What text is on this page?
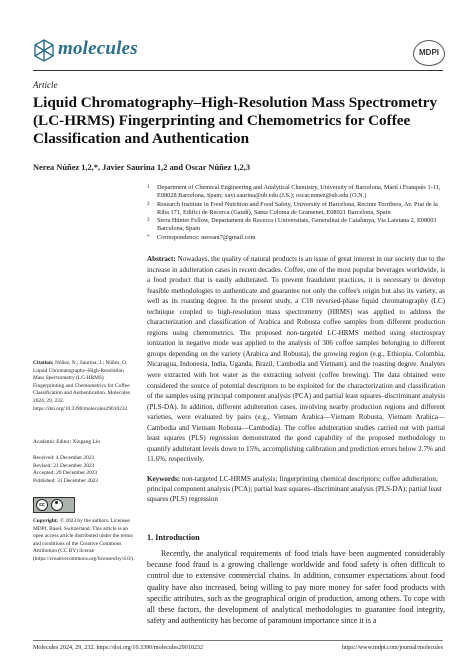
molecules	MDPI
Article
Liquid Chromatography–High-Resolution Mass Spectrometry (LC-HRMS) Fingerprinting and Chemometrics for Coffee Classification and Authentication
Nerea Núñez 1,2,*, Javier Saurina 1,2 and Oscar Núñez 1,2,3
1 Department of Chemical Engineering and Analytical Chemistry, University of Barcelona, Martí i Franquès 1-11, E08028 Barcelona, Spain; xavi.saurina@ub.edu (J.S.); oscar.nunez@ub.edu (O.N.)
2 Research Institute in Food Nutrition and Food Safety, University of Barcelona, Recinte Torribera, Av. Prat de la Riba 171, Edifici de Recerca (Gaudí), Santa Coloma de Gramenet, E08921 Barcelona, Spain
3 Serra Húnter Fellow, Departament de Recerca i Universitats, Generalitat de Catalunya, Via Laietana 2, E08003 Barcelona, Spain
* Correspondence: nereant7@gmail.com
Abstract: Nowadays, the quality of natural products is an issue of great interest in our society due to the increase in adulteration cases in recent decades. Coffee, one of the most popular beverages worldwide, is a food product that is easily adulterated. To prevent fraudulent practices, it is necessary to develop feasible methodologies to authenticate and guarantee not only the coffee's origin but also its variety, as well as its roasting degree. In the present study, a C18 reversed-phase liquid chromatography (LC) technique coupled to high-resolution mass spectrometry (HRMS) was applied to address the characterization and classification of Arabica and Robusta coffee samples from different production regions using chemometrics. The proposed non-targeted LC-HRMS method using electrospray ionization in negative mode was applied to the analysis of 306 coffee samples belonging to different groups depending on the variety (Arabica and Robusta), the growing region (e.g., Ethiopia, Colombia, Nicaragua, Indonesia, India, Uganda, Brazil, Cambodia and Vietnam), and the roasting degree. Analytes were extracted with hot water as the extracting solvent (coffee brewing). The data obtained were considered the source of potential descriptors to be exploited for the characterization and classification of the samples using principal component analysis (PCA) and partial least squares–discriminant analysis (PLS-DA). In addition, different adulteration cases, involving nearby production regions and different varieties, were evaluated by pairs (e.g., Vietnam Arabica—Vietnam Robusta, Vietnam Arabica—Cambodia and Vietnam Robusta—Cambodia). The coffee adulteration studies carried out with partial least squares (PLS) regression demonstrated the good capability of the proposed methodology to quantify adulterant levels down to 15%, accomplishing calibration and prediction errors below 2.7% and 11.6%, respectively.
Keywords: non-targeted LC-HRMS analysis; fingerprinting chemical descriptors; coffee adulteration; principal component analysis (PCA); partial least squares–discriminant analysis (PLS-DA); partial least squares (PLS) regression
Citation: Núñez, N.; Saurina, J.; Núñez, O. Liquid Chromatography–High-Resolution Mass Spectrometry (LC-HRMS) Fingerprinting and Chemometrics for Coffee Classification and Authentication. Molecules 2024, 29, 232. https://doi.org/10.3390/molecules29010232
Academic Editor: Xingang Liu
Received: 4 December 2023
Revised: 21 December 2023
Accepted: 29 December 2023
Published: 31 December 2023
cc
Copyright: © 2023 by the authors. Licensee MDPI, Basel, Switzerland. This article is an open access article distributed under the terms and conditions of the Creative Commons Attribution (CC BY) license (https://creativecommons.org/licenses/by/4.0/).
1. Introduction
Recently, the analytical requirements of food trials have been augmented considerably because food fraud is a growing challenge worldwide and food safety is often difficult to control due to extensive commercial chains. In addition, consumer expectations about food quality have also increased, being willing to pay more money for safer food products with specific attributes, such as the geographical origin of production, among others. To cope with all these factors, the development of analytical methodologies to guarantee food integrity, safety and authenticity has become of paramount importance since it is a
Molecules 2024, 29, 232. https://doi.org/10.3390/molecules29010232	https://www.mdpi.com/journal/molecules
